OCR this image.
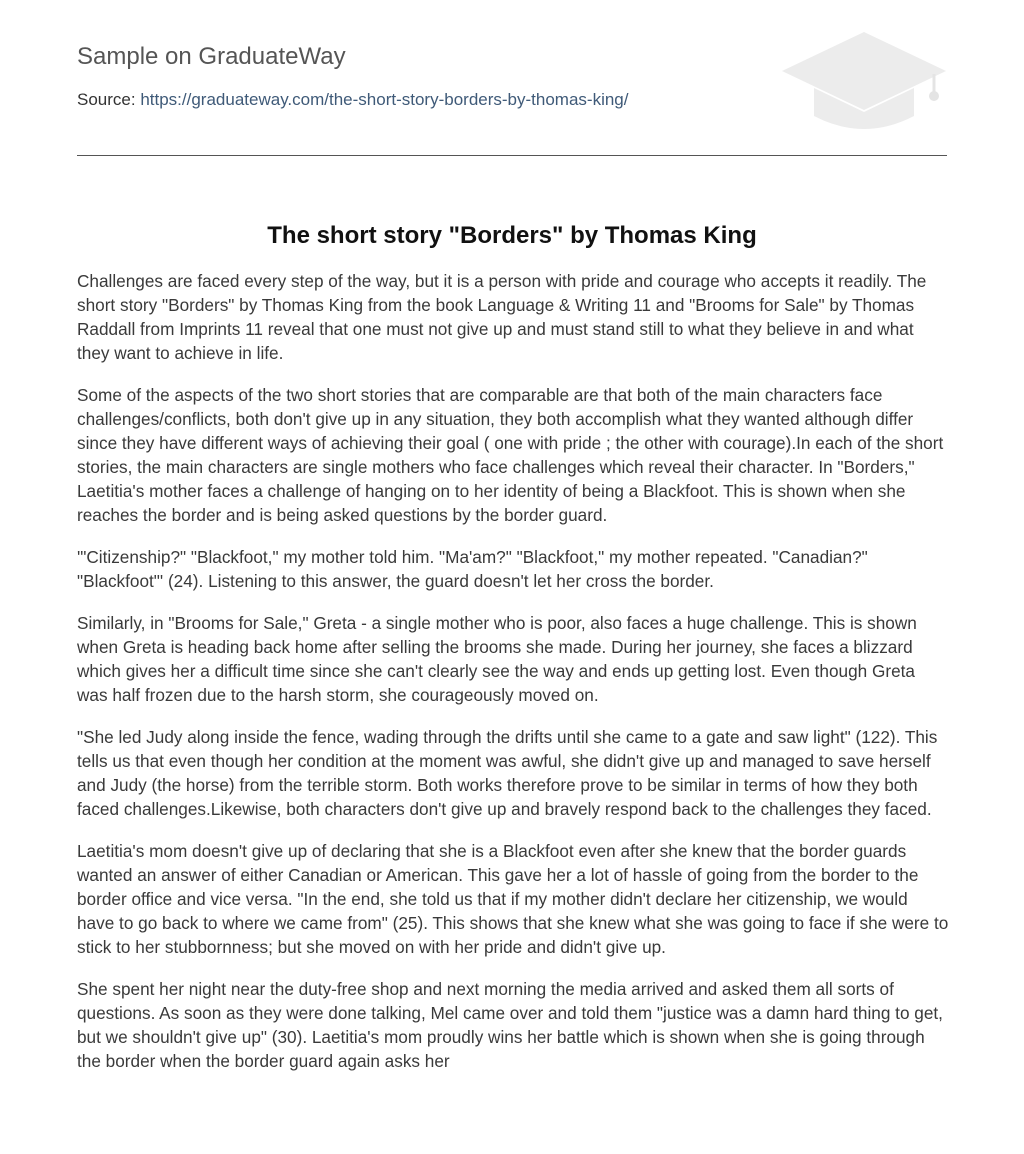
Sample on GraduateWay
Source: https://graduateway.com/the-short-story-borders-by-thomas-king/
The short story "Borders" by Thomas King

Challenges are faced every step of the way, but it is a person with pride and courage who accepts it readily. The short story "Borders" by Thomas King from the book Language & Writing 11 and "Brooms for Sale" by Thomas Raddall from Imprints 11 reveal that one must not give up and must stand still to what they believe in and what they want to achieve in life.

Some of the aspects of the two short stories that are comparable are that both of the main characters face challenges/conflicts, both don't give up in any situation, they both accomplish what they wanted although differ since they have different ways of achieving their goal ( one with pride ; the other with courage).In each of the short stories, the main characters are single mothers who face challenges which reveal their character. In "Borders," Laetitia's mother faces a challenge of hanging on to her identity of being a Blackfoot. This is shown when she reaches the border and is being asked questions by the border guard.

'"Citizenship?" "Blackfoot," my mother told him. "Ma'am?" "Blackfoot," my mother repeated. "Canadian?" "Blackfoot"' (24). Listening to this answer, the guard doesn't let her cross the border.

Similarly, in "Brooms for Sale," Greta - a single mother who is poor, also faces a huge challenge. This is shown when Greta is heading back home after selling the brooms she made. During her journey, she faces a blizzard which gives her a difficult time since she can't clearly see the way and ends up getting lost. Even though Greta was half frozen due to the harsh storm, she courageously moved on.

"She led Judy along inside the fence, wading through the drifts until she came to a gate and saw light" (122). This tells us that even though her condition at the moment was awful, she didn't give up and managed to save herself and Judy (the horse) from the terrible storm. Both works therefore prove to be similar in terms of how they both faced challenges.Likewise, both characters don't give up and bravely respond back to the challenges they faced.

Laetitia's mom doesn't give up of declaring that she is a Blackfoot even after she knew that the border guards wanted an answer of either Canadian or American. This gave her a lot of hassle of going from the border to the border office and vice versa. "In the end, she told us that if my mother didn't declare her citizenship, we would have to go back to where we came from" (25). This shows that she knew what she was going to face if she were to stick to her stubbornness; but she moved on with her pride and didn't give up.

She spent her night near the duty-free shop and next morning the media arrived and asked them all sorts of questions. As soon as they were done talking, Mel came over and told them "justice was a damn hard thing to get, but we shouldn't give up" (30). Laetitia's mom proudly wins her battle which is shown when she is going through the border when the border guard again asks her
